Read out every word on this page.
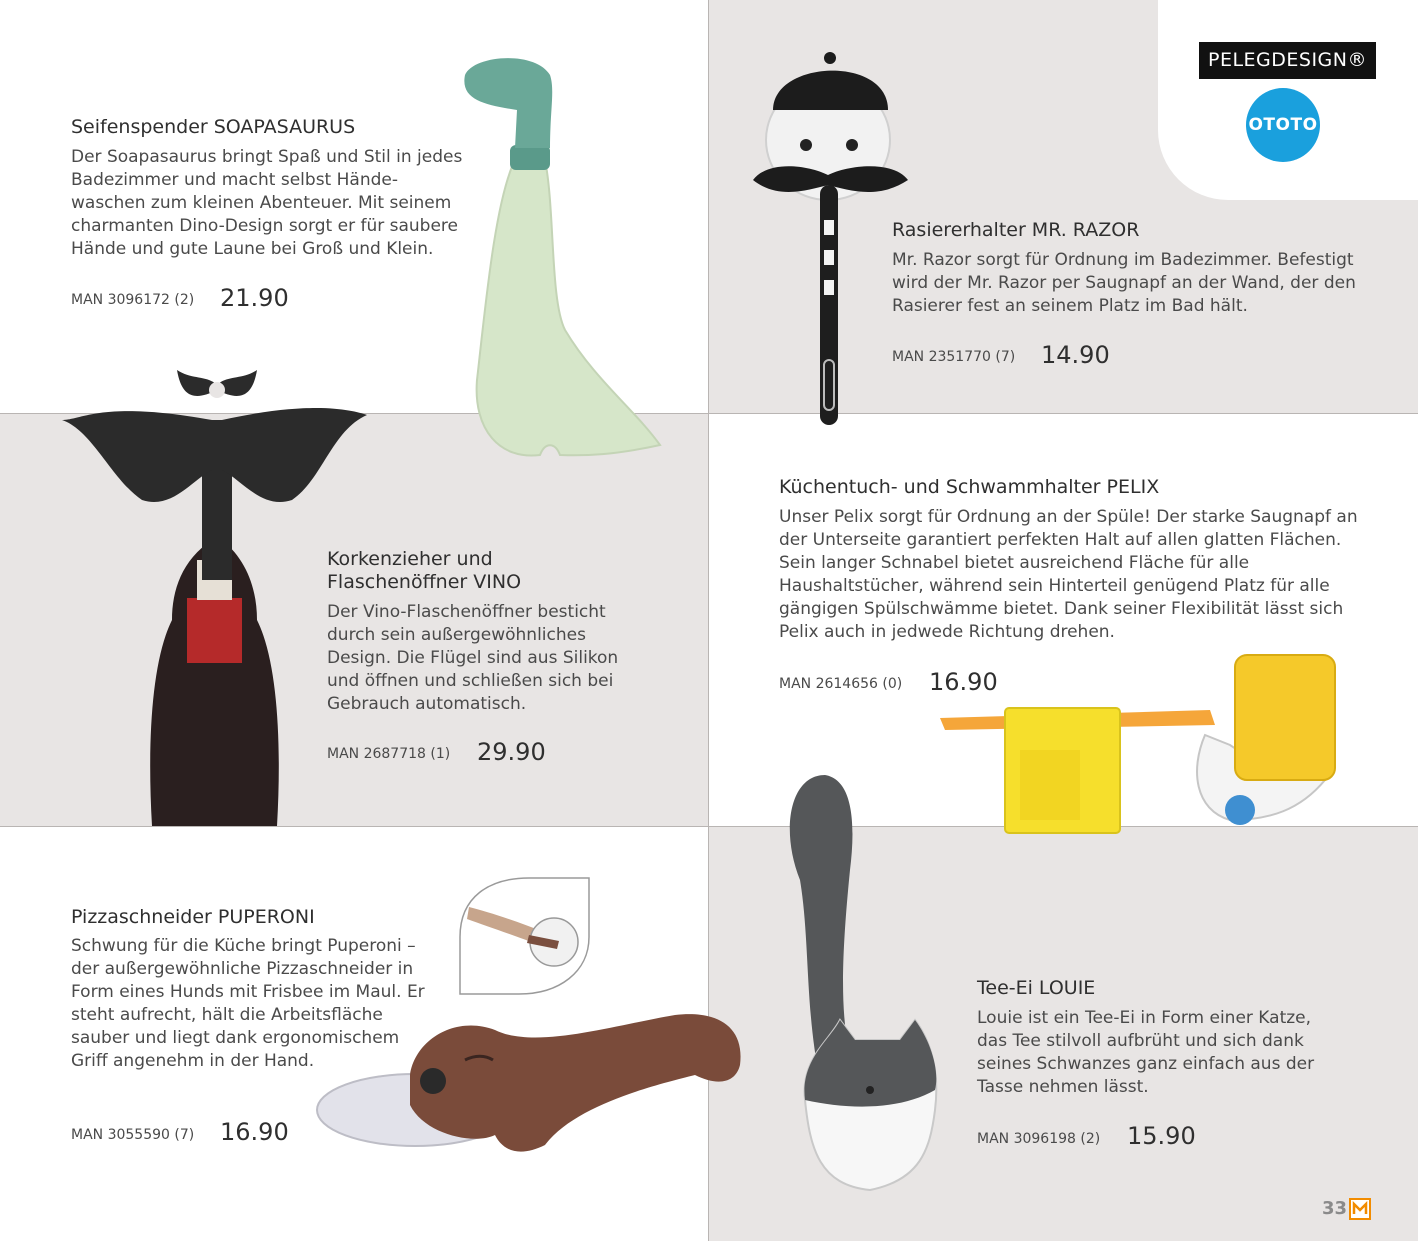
PELEGDESIGN®
OTOTO
Seifenspender SOAPASAURUS
Der Soapasaurus bringt Spaß und Stil in jedes Badezimmer und macht selbst Hände-waschen zum kleinen Abenteuer. Mit seinem charmanten Dino-Design sorgt er für saubere Hände und gute Laune bei Groß und Klein.
MAN 3096172 (2) 21.90
Rasiererhalter MR. RAZOR
Mr. Razor sorgt für Ordnung im Badezimmer. Befestigt wird der Mr. Razor per Saugnapf an der Wand, der den Rasierer fest an seinem Platz im Bad hält.
MAN 2351770 (7) 14.90
Korkenzieher und
Flaschenöffner VINO
Der Vino-Flaschenöffner besticht durch sein außergewöhnliches Design. Die Flügel sind aus Silikon und öffnen und schließen sich bei Gebrauch automatisch.
MAN 2687718 (1) 29.90
Küchentuch- und Schwammhalter PELIX
Unser Pelix sorgt für Ordnung an der Spüle! Der starke Saugnapf an der Unterseite garantiert perfekten Halt auf allen glatten Flächen. Sein langer Schnabel bietet ausreichend Fläche für alle Haushaltstücher, während sein Hinterteil genügend Platz für alle gängigen Spülschwämme bietet. Dank seiner Flexibilität lässt sich Pelix auch in jedwede Richtung drehen.
MAN 2614656 (0) 16.90
Pizzaschneider PUPERONI
Schwung für die Küche bringt Puperoni – der außergewöhnliche Pizzaschneider in Form eines Hunds mit Frisbee im Maul. Er steht aufrecht, hält die Arbeitsfläche sauber und liegt dank ergonomischem Griff angenehm in der Hand.
MAN 3055590 (7) 16.90
Tee-Ei LOUIE
Louie ist ein Tee-Ei in Form einer Katze, das Tee stilvoll aufbrüht und sich dank seines Schwanzes ganz einfach aus der Tasse nehmen lässt.
MAN 3096198 (2) 15.90
33
